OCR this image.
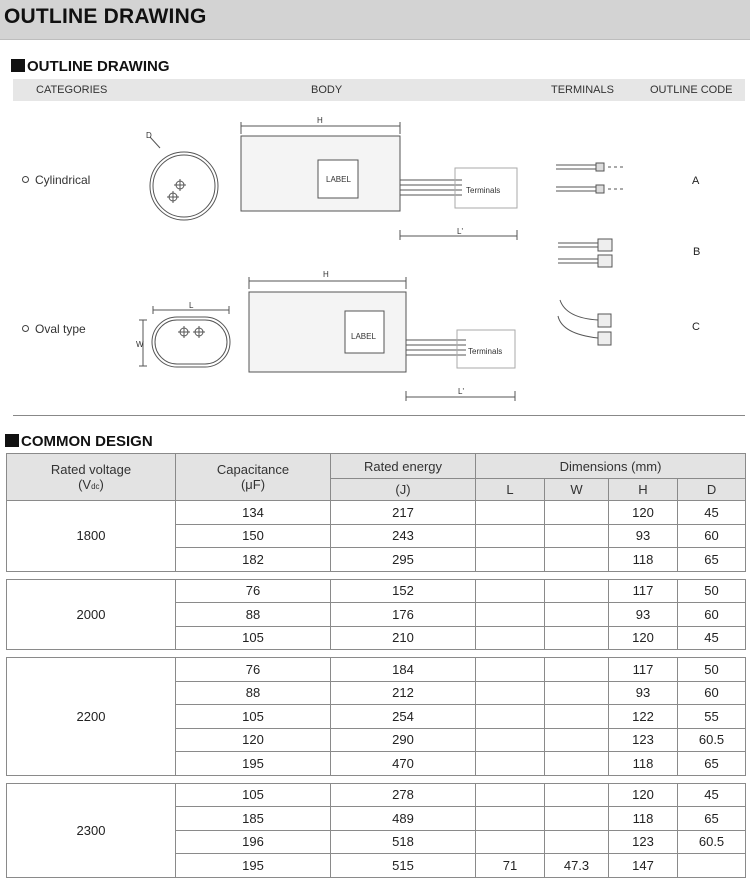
OUTLINE DRAWING
OUTLINE DRAWING
CATEGORIES	BODY	TERMINALS	OUTLINE CODE
Cylindrical
Oval type
A
B
C
D
H
LABEL
Terminals
L'
L
W
H
LABEL
Terminals
L'
COMMON DESIGN
Rated voltage
(Vdc)	Capacitance
(μF)	Rated energy	Dimensions (mm)			
		(J)	L	W	H	D
1800	134	217			120	45
	150	243			93	60
	182	295			118	65

2000	76	152			117	50
	88	176			93	60
	105	210			120	45

2200	76	184			117	50
	88	212			93	60
	105	254			122	55
	120	290			123	60.5
	195	470			118	65

2300	105	278			120	45
	185	489			118	65
	196	518			123	60.5
	195	515	71	47.3	147	
